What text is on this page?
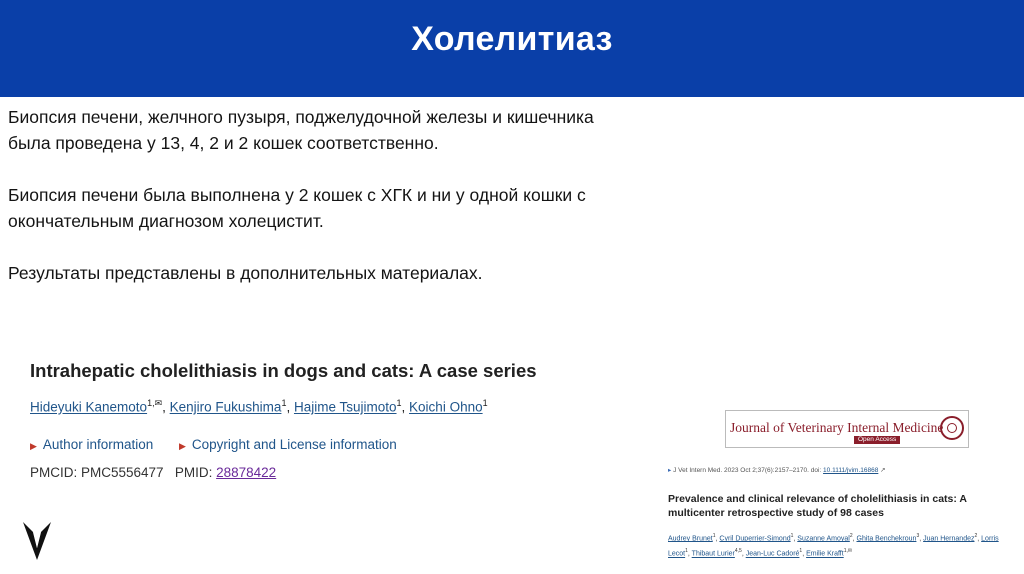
Холелитиаз

Биопсия печени, желчного пузыря, поджелудочной железы и кишечника была проведена у 13, 4, 2 и 2 кошек соответственно.

Биопсия печени была выполнена у 2 кошек с ХГК и ни у одной кошки с окончательным диагнозом холецистит.

Результаты представлены в дополнительных материалах.

Intrahepatic cholelithiasis in dogs and cats: A case series
Hideyuki Kanemoto$^{1,✉}$, Kenjiro Fukushima$^1$, Hajime Tsujimoto$^1$, Koichi Ohno$^1$
▶ Author information	▶ Copyright and License information
PMCID: PMC5556477 PMID: 28878422
Journal of Veterinary Internal Medicine
Open Access
▸ J Vet Intern Med. 2023 Oct 2;37(6):2157–2170. doi: 10.1111/jvim.16868 ↗
Prevalence and clinical relevance of cholelithiasis in cats: A multicenter retrospective study of 98 cases
Audrey Brunet$^1$, Cyril Duperrier-Simond$^1$, Suzanne Amoyal$^2$, Ghita Benchekroun$^3$, Juan Hernandez$^2$, Lorris Lecot$^1$, Thibaut Lurier$^{4,5}$, Jean-Luc Cadoré$^1$, Emilie Krafft$^{1,✉}$
